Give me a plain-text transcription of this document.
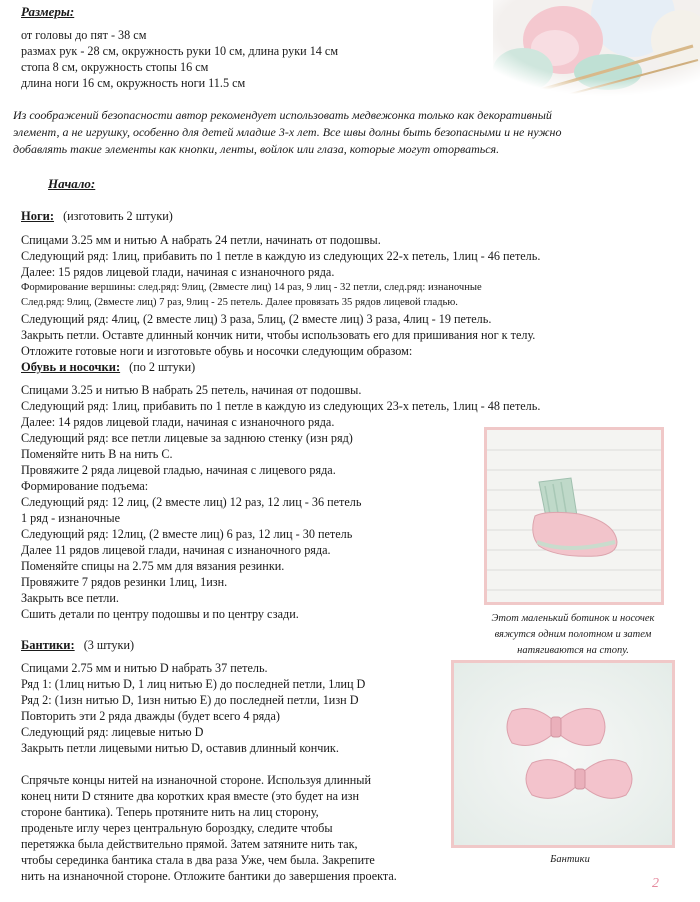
Размеры:
от головы до пят - 38 см
размах рук - 28 см, окружность руки 10 см, длина руки 14 см
стопа 8 см, окружность стопы 16 см
длина ноги 16 см, окружность ноги 11.5 см
Из соображений безопасности автор рекомендует использовать медвежонка только как декоративный
элемент, а не игрушку, особенно для детей младше 3-х лет. Все швы долны быть безопасными и не нужно
добавлять такие элементы как кнопки, ленты, войлок или глаза, которые могут оторваться.
Начало:
Ноги: (изготовить 2 штуки)
Спицами 3.25 мм и нитью А набрать 24 петли, начинать от подошвы.
Следующий ряд: 1лиц, прибавить по 1 петле в каждую из следующих 22-х петель, 1лиц - 46 петель.
Далее: 15 рядов лицевой глади, начиная с изнаночного ряда.
Формирование вершины: след.ряд: 9лиц, (2вместе лиц) 14 раз, 9 лиц - 32 петли, след.ряд: изнаночные
След.ряд: 9лиц, (2вместе лиц) 7 раз, 9лиц - 25 петель. Далее провязать 35 рядов лицевой гладью.
Следующий ряд: 4лиц, (2 вместе лиц) 3 раза, 5лиц, (2 вместе лиц) 3 раза, 4лиц - 19 петель.
Закрыть петли. Оставте длинный кончик нити, чтобы использовать его для пришивания ног к телу.
Отложите готовые ноги и изготовьте обувь и носочки следующим образом:
Обувь и носочки: (по 2 штуки)
Спицами 3.25 и нитью В набрать 25 петель, начиная от подошвы.
Следующий ряд: 1лиц, прибавить по 1 петле в каждую из следующих 23-х петель, 1лиц - 48 петель.
Далее: 14 рядов лицевой глади, начиная с изнаночного ряда.
Следующий ряд: все петли лицевые за заднюю стенку (изн ряд)
Поменяйте нить В на нить С.
Провяжите 2 ряда лицевой гладью, начиная с лицевого ряда.
Формирование подъема:
Следующий ряд: 12 лиц, (2 вместе лиц) 12 раз, 12 лиц - 36 петель
1 ряд - изнаночные
Следующий ряд: 12лиц, (2 вместе лиц) 6 раз, 12 лиц - 30 петель
Далее 11 рядов лицевой глади, начиная с изнаночного ряда.
Поменяйте спицы на 2.75 мм для вязания резинки.
Провяжите 7 рядов резинки 1лиц, 1изн.
Закрыть все петли.
Сшить детали по центру подошвы и по центру сзади.	Этот маленький ботинок и носочек
вяжутся одним полотном и затем
натягиваются на стопу.
Бантики: (3 штуки)
Спицами 2.75 мм и нитью D набрать 37 петель.
Ряд 1: (1лиц нитью D, 1 лиц нитью E) до последней петли, 1лиц D
Ряд 2: (1изн нитью D, 1изн нитью E) до последней петли, 1изн D
Повторить эти 2 ряда дважды (будет всего 4 ряда)
Следующий ряд: лицевые нитью D
Закрыть петли лицевыми нитью D, оставив длинный кончик.
Спрячьте концы нитей на изнаночной стороне. Используя длинный
конец нити D стяните два коротких края вместе (это будет на изн
стороне бантика). Теперь протяните нить на лиц сторону,
проденьте иглу через центральную бороздку, следите чтобы
перетяжка была действительно прямой. Затем затяните нить так,
чтобы серединка бантика стала в два раза Уже, чем была. Закрепите
нить на изнаночной стороне. Отложите бантики до завершения проекта.
Бантики
2
